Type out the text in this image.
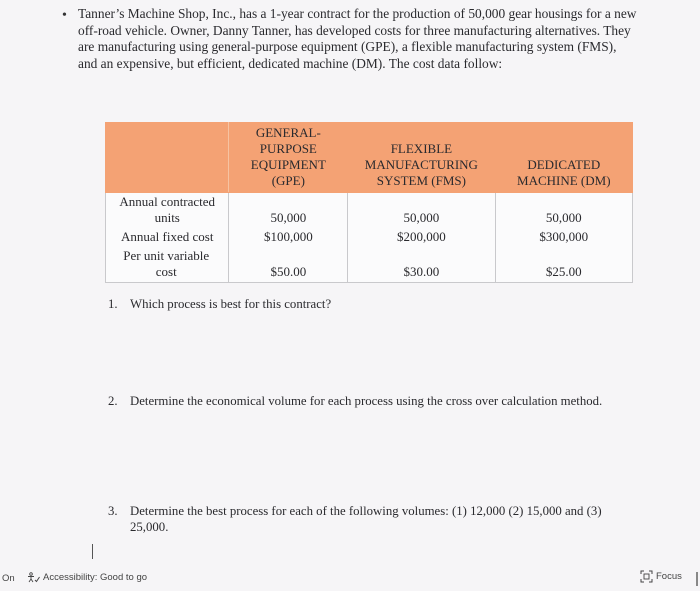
• Tanner’s Machine Shop, Inc., has a 1-year contract for the production of 50,000 gear housings for a new off-road vehicle. Owner, Danny Tanner, has developed costs for three manufacturing alternatives. They are manufacturing using general-purpose equipment (GPE), a flexible manufacturing system (FMS), and an expensive, but efficient, dedicated machine (DM). The cost data follow:
	GENERAL-PURPOSE EQUIPMENT (GPE)	FLEXIBLE MANUFACTURING SYSTEM (FMS)	DEDICATED MACHINE (DM)
Annual contracted units	50,000	50,000	50,000
Annual fixed cost	$100,000	$200,000	$300,000
Per unit variable cost	$50.00	$30.00	$25.00
1. Which process is best for this contract?
2. Determine the economical volume for each process using the cross over calculation method.
3. Determine the best process for each of the following volumes: (1) 12,000 (2) 15,000 and (3) 25,000.
On	Accessibility: Good to go	Focus
